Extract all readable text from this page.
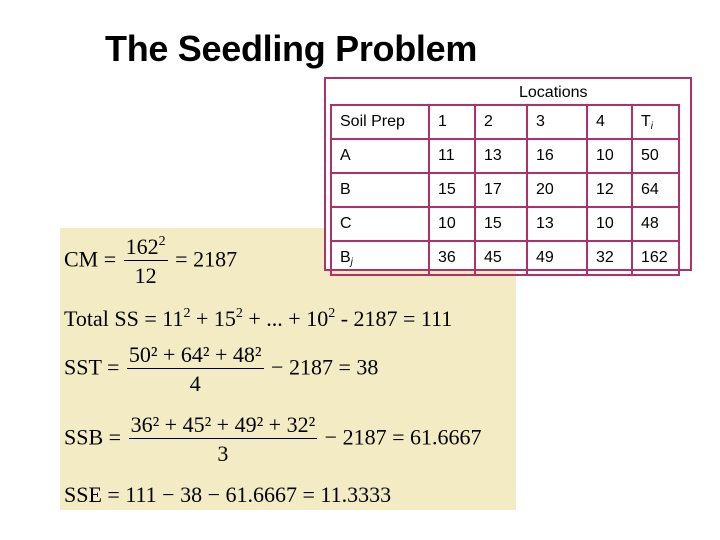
The Seedling Problem
CM = $\frac{162^2}{12} = 2187$
Total SS = $11^2 + 15^2$ + ... + $10^2 - 2187 = 111$
SST = $\frac{\text{50² + 64² + 48²}}{4} - 2187 = 38$
SSB = $\frac{\text{36² + 45² + 49² + 32²}}{3} - 2187 = 61.6667$
SSE = 111 − 38 − 61.6667 = 11.3333
Locations
Soil Prep	1	2	3	4	Ti
A	11	13	16	10	50
B	15	17	20	12	64
C	10	15	13	10	48
Bj	36	45	49	32	162
